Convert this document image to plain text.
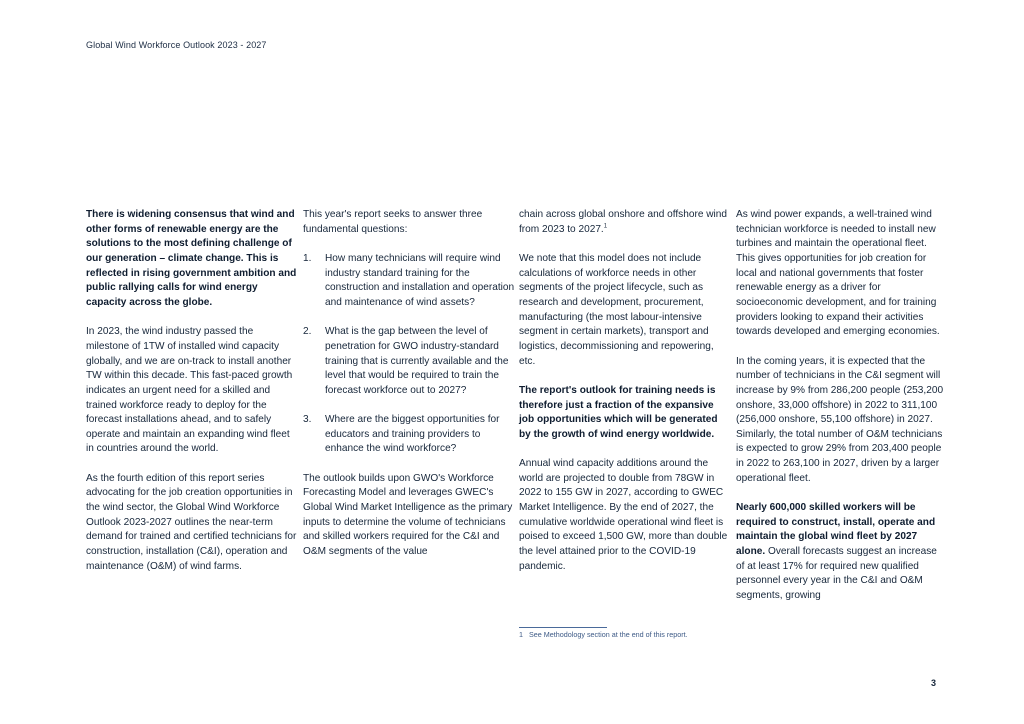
Global Wind Workforce Outlook 2023 - 2027

There is widening consensus that wind and other forms of renewable energy are the solutions to the most defining challenge of our generation – climate change. This is reflected in rising government ambition and public rallying calls for wind energy capacity across the globe.

In 2023, the wind industry passed the milestone of 1TW of installed wind capacity globally, and we are on-track to install another TW within this decade. This fast-paced growth indicates an urgent need for a skilled and trained workforce ready to deploy for the forecast installations ahead, and to safely operate and maintain an expanding wind fleet in countries around the world.

As the fourth edition of this report series advocating for the job creation opportunities in the wind sector, the Global Wind Workforce Outlook 2023-2027 outlines the near-term demand for trained and certified technicians for construction, installation (C&I), operation and maintenance (O&M) of wind farms.

This year's report seeks to answer three fundamental questions:

1.	How many technicians will require wind industry standard training for the construction and installation and operation and maintenance of wind assets?
2.	What is the gap between the level of penetration for GWO industry-standard training that is currently available and the level that would be required to train the forecast workforce out to 2027?
3.	Where are the biggest opportunities for educators and training providers to enhance the wind workforce?

The outlook builds upon GWO's Workforce Forecasting Model and leverages GWEC's Global Wind Market Intelligence as the primary inputs to determine the volume of technicians and skilled workers required for the C&I and O&M segments of the value

chain across global onshore and offshore wind from 2023 to 2027.$^1$

We note that this model does not include calculations of workforce needs in other segments of the project lifecycle, such as research and development, procurement, manufacturing (the most labour-intensive segment in certain markets), transport and logistics, decommissioning and repowering, etc.

The report's outlook for training needs is therefore just a fraction of the expansive job opportunities which will be generated by the growth of wind energy worldwide.

Annual wind capacity additions around the world are projected to double from 78GW in 2022 to 155 GW in 2027, according to GWEC Market Intelligence. By the end of 2027, the cumulative worldwide operational wind fleet is poised to exceed 1,500 GW, more than double the level attained prior to the COVID-19 pandemic.

As wind power expands, a well-trained wind technician workforce is needed to install new turbines and maintain the operational fleet. This gives opportunities for job creation for local and national governments that foster renewable energy as a driver for socioeconomic development, and for training providers looking to expand their activities towards developed and emerging economies.

In the coming years, it is expected that the number of technicians in the C&I segment will increase by 9% from 286,200 people (253,200 onshore, 33,000 offshore) in 2022 to 311,100 (256,000 onshore, 55,100 offshore) in 2027. Similarly, the total number of O&M technicians is expected to grow 29% from 203,400 people in 2022 to 263,100 in 2027, driven by a larger operational fleet.

Nearly 600,000 skilled workers will be required to construct, install, operate and maintain the global wind fleet by 2027 alone. Overall forecasts suggest an increase of at least 17% for required new qualified personnel every year in the C&I and O&M segments, growing

1 See Methodology section at the end of this report.
3
